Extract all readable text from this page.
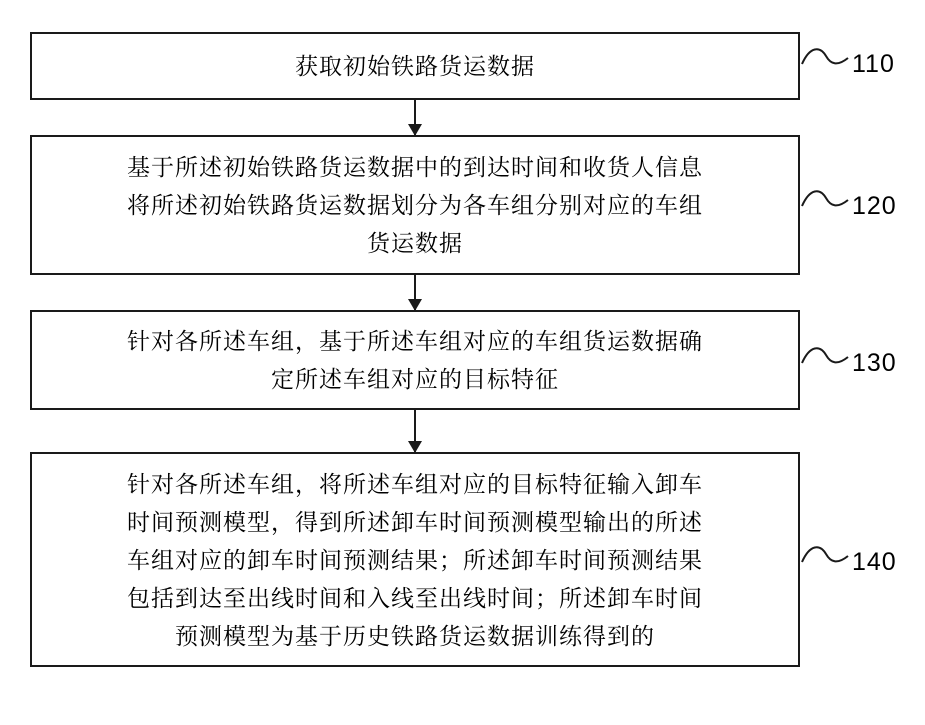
获取初始铁路货运数据	110
基于所述初始铁路货运数据中的到达时间和收货人信息
将所述初始铁路货运数据划分为各车组分别对应的车组
货运数据
120
针对各所述车组，基于所述车组对应的车组货运数据确
定所述车组对应的目标特征
130
针对各所述车组，将所述车组对应的目标特征输入卸车
时间预测模型，得到所述卸车时间预测模型输出的所述
车组对应的卸车时间预测结果；所述卸车时间预测结果
包括到达至出线时间和入线至出线时间；所述卸车时间
预测模型为基于历史铁路货运数据训练得到的
140
